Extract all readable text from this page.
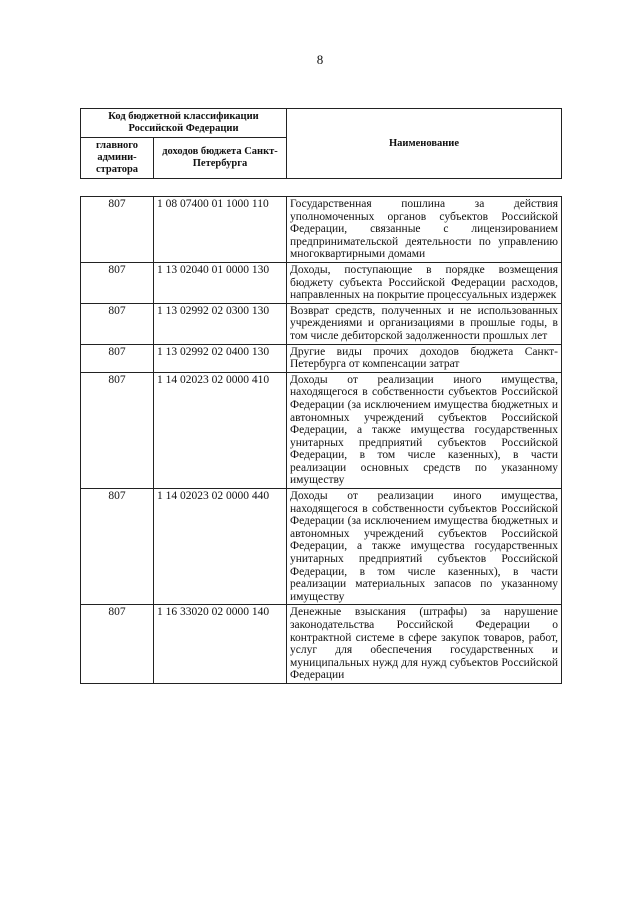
8
Код бюджетной классификации Российской Федерации		Наименование
главного админи-стратора	доходов бюджета Санкт-Петербурга	
807	1 08 07400 01 1000 110	Государственная пошлина за действия уполномоченных органов субъектов Российской Федерации, связанные с лицензированием предпринимательской деятельности по управлению многоквартирными домами
807	1 13 02040 01 0000 130	Доходы, поступающие в порядке возмещения бюджету субъекта Российской Федерации расходов, направленных на покрытие процессуальных издержек
807	1 13 02992 02 0300 130	Возврат средств, полученных и не использованных учреждениями и организациями в прошлые годы, в том числе дебиторской задолженности прошлых лет
807	1 13 02992 02 0400 130	Другие виды прочих доходов бюджета Санкт-Петербурга от компенсации затрат
807	1 14 02023 02 0000 410	Доходы от реализации иного имущества, находящегося в собственности субъектов Российской Федерации (за исключением имущества бюджетных и автономных учреждений субъектов Российской Федерации, а также имущества государственных унитарных предприятий субъектов Российской Федерации, в том числе казенных), в части реализации основных средств по указанному имуществу
807	1 14 02023 02 0000 440	Доходы от реализации иного имущества, находящегося в собственности субъектов Российской Федерации (за исключением имущества бюджетных и автономных учреждений субъектов Российской Федерации, а также имущества государственных унитарных предприятий субъектов Российской Федерации, в том числе казенных), в части реализации материальных запасов по указанному имуществу
807	1 16 33020 02 0000 140	Денежные взыскания (штрафы) за нарушение законодательства Российской Федерации о контрактной системе в сфере закупок товаров, работ, услуг для обеспечения государственных и муниципальных нужд для нужд субъектов Российской Федерации
